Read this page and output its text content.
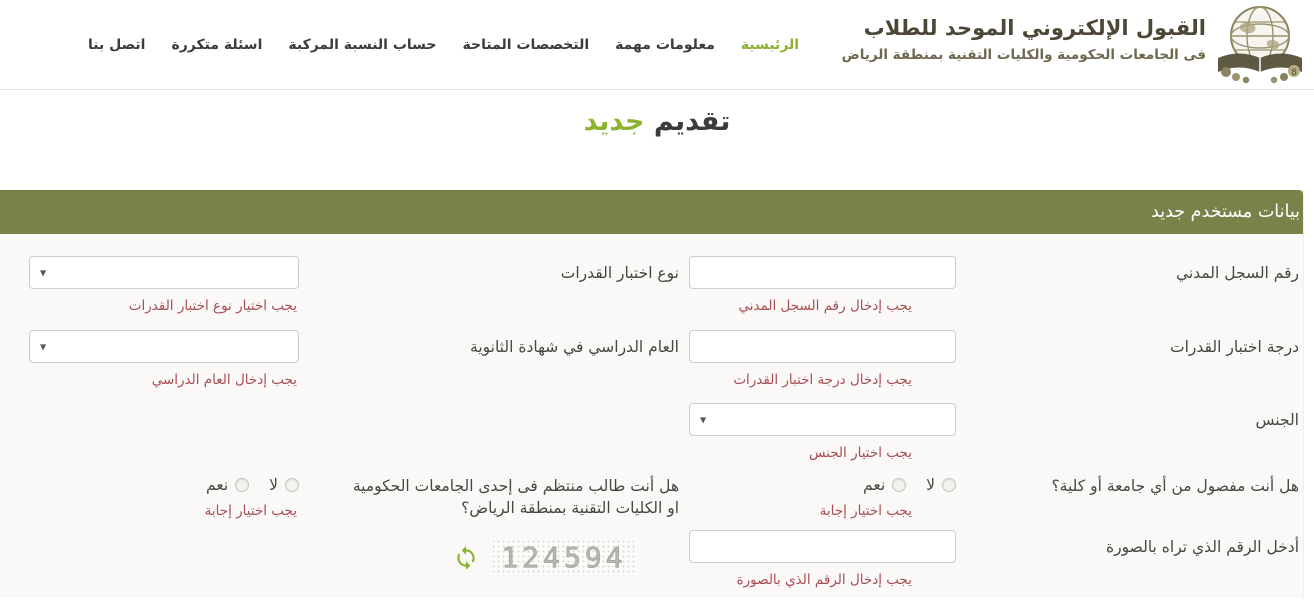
8
القبول الإلكتروني الموحد للطلاب
فى الجامعات الحكومية والكليات التقنية بمنطقة الرياض
الرئيسية
معلومات مهمة
التخصصات المتاحة
حساب النسبة المركبة
اسئلة متكررة
اتصل بنا
تقديم جديد
بيانات مستخدم جديد
رقم السجل المدني
يجب إدخال رقم السجل المدني
نوع اختبار القدرات
▼
يجب اختيار نوع اختبار القدرات
درجة اختبار القدرات
يجب إدخال درجة اختبار القدرات
العام الدراسي في شهادة الثانوية
▼
يجب إدخال العام الدراسي
الجنس
▼
يجب اختيار الجنس
هل أنت مفصول من أي جامعة أو كلية؟
لا
نعم
يجب اختيار إجابة
هل أنت طالب منتظم فى إحدى الجامعات الحكومية او الكليات التقنية بمنطقة الرياض؟
لا
نعم
يجب اختيار إجابة
أدخل الرقم الذي تراه بالصورة
يجب إدخال الرقم الذي بالصورة
124594
